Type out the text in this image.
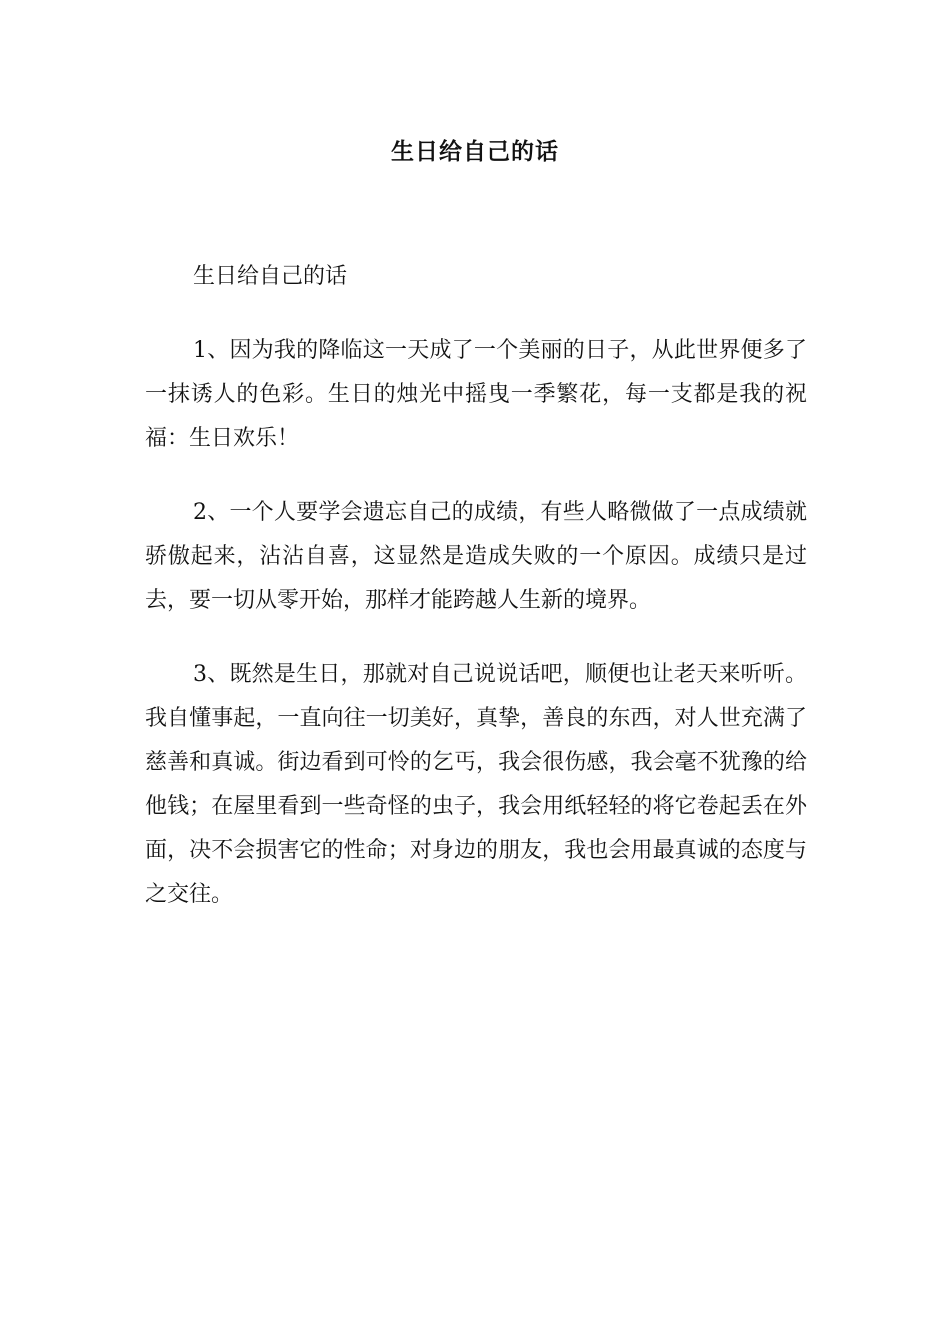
生日给自己的话

生日给自己的话

1、因为我的降临这一天成了一个美丽的日子，从此世界便多了一抹诱人的色彩。生日的烛光中摇曳一季繁花，每一支都是我的祝福：生日欢乐！

2、一个人要学会遗忘自己的成绩，有些人略微做了一点成绩就骄傲起来，沾沾自喜，这显然是造成失败的一个原因。成绩只是过去，要一切从零开始，那样才能跨越人生新的境界。

3、既然是生日，那就对自己说说话吧，顺便也让老天来听听。我自懂事起，一直向往一切美好，真挚，善良的东西，对人世充满了慈善和真诚。街边看到可怜的乞丐，我会很伤感，我会毫不犹豫的给他钱；在屋里看到一些奇怪的虫子，我会用纸轻轻的将它卷起丢在外面，决不会损害它的性命；对身边的朋友，我也会用最真诚的态度与之交往。
